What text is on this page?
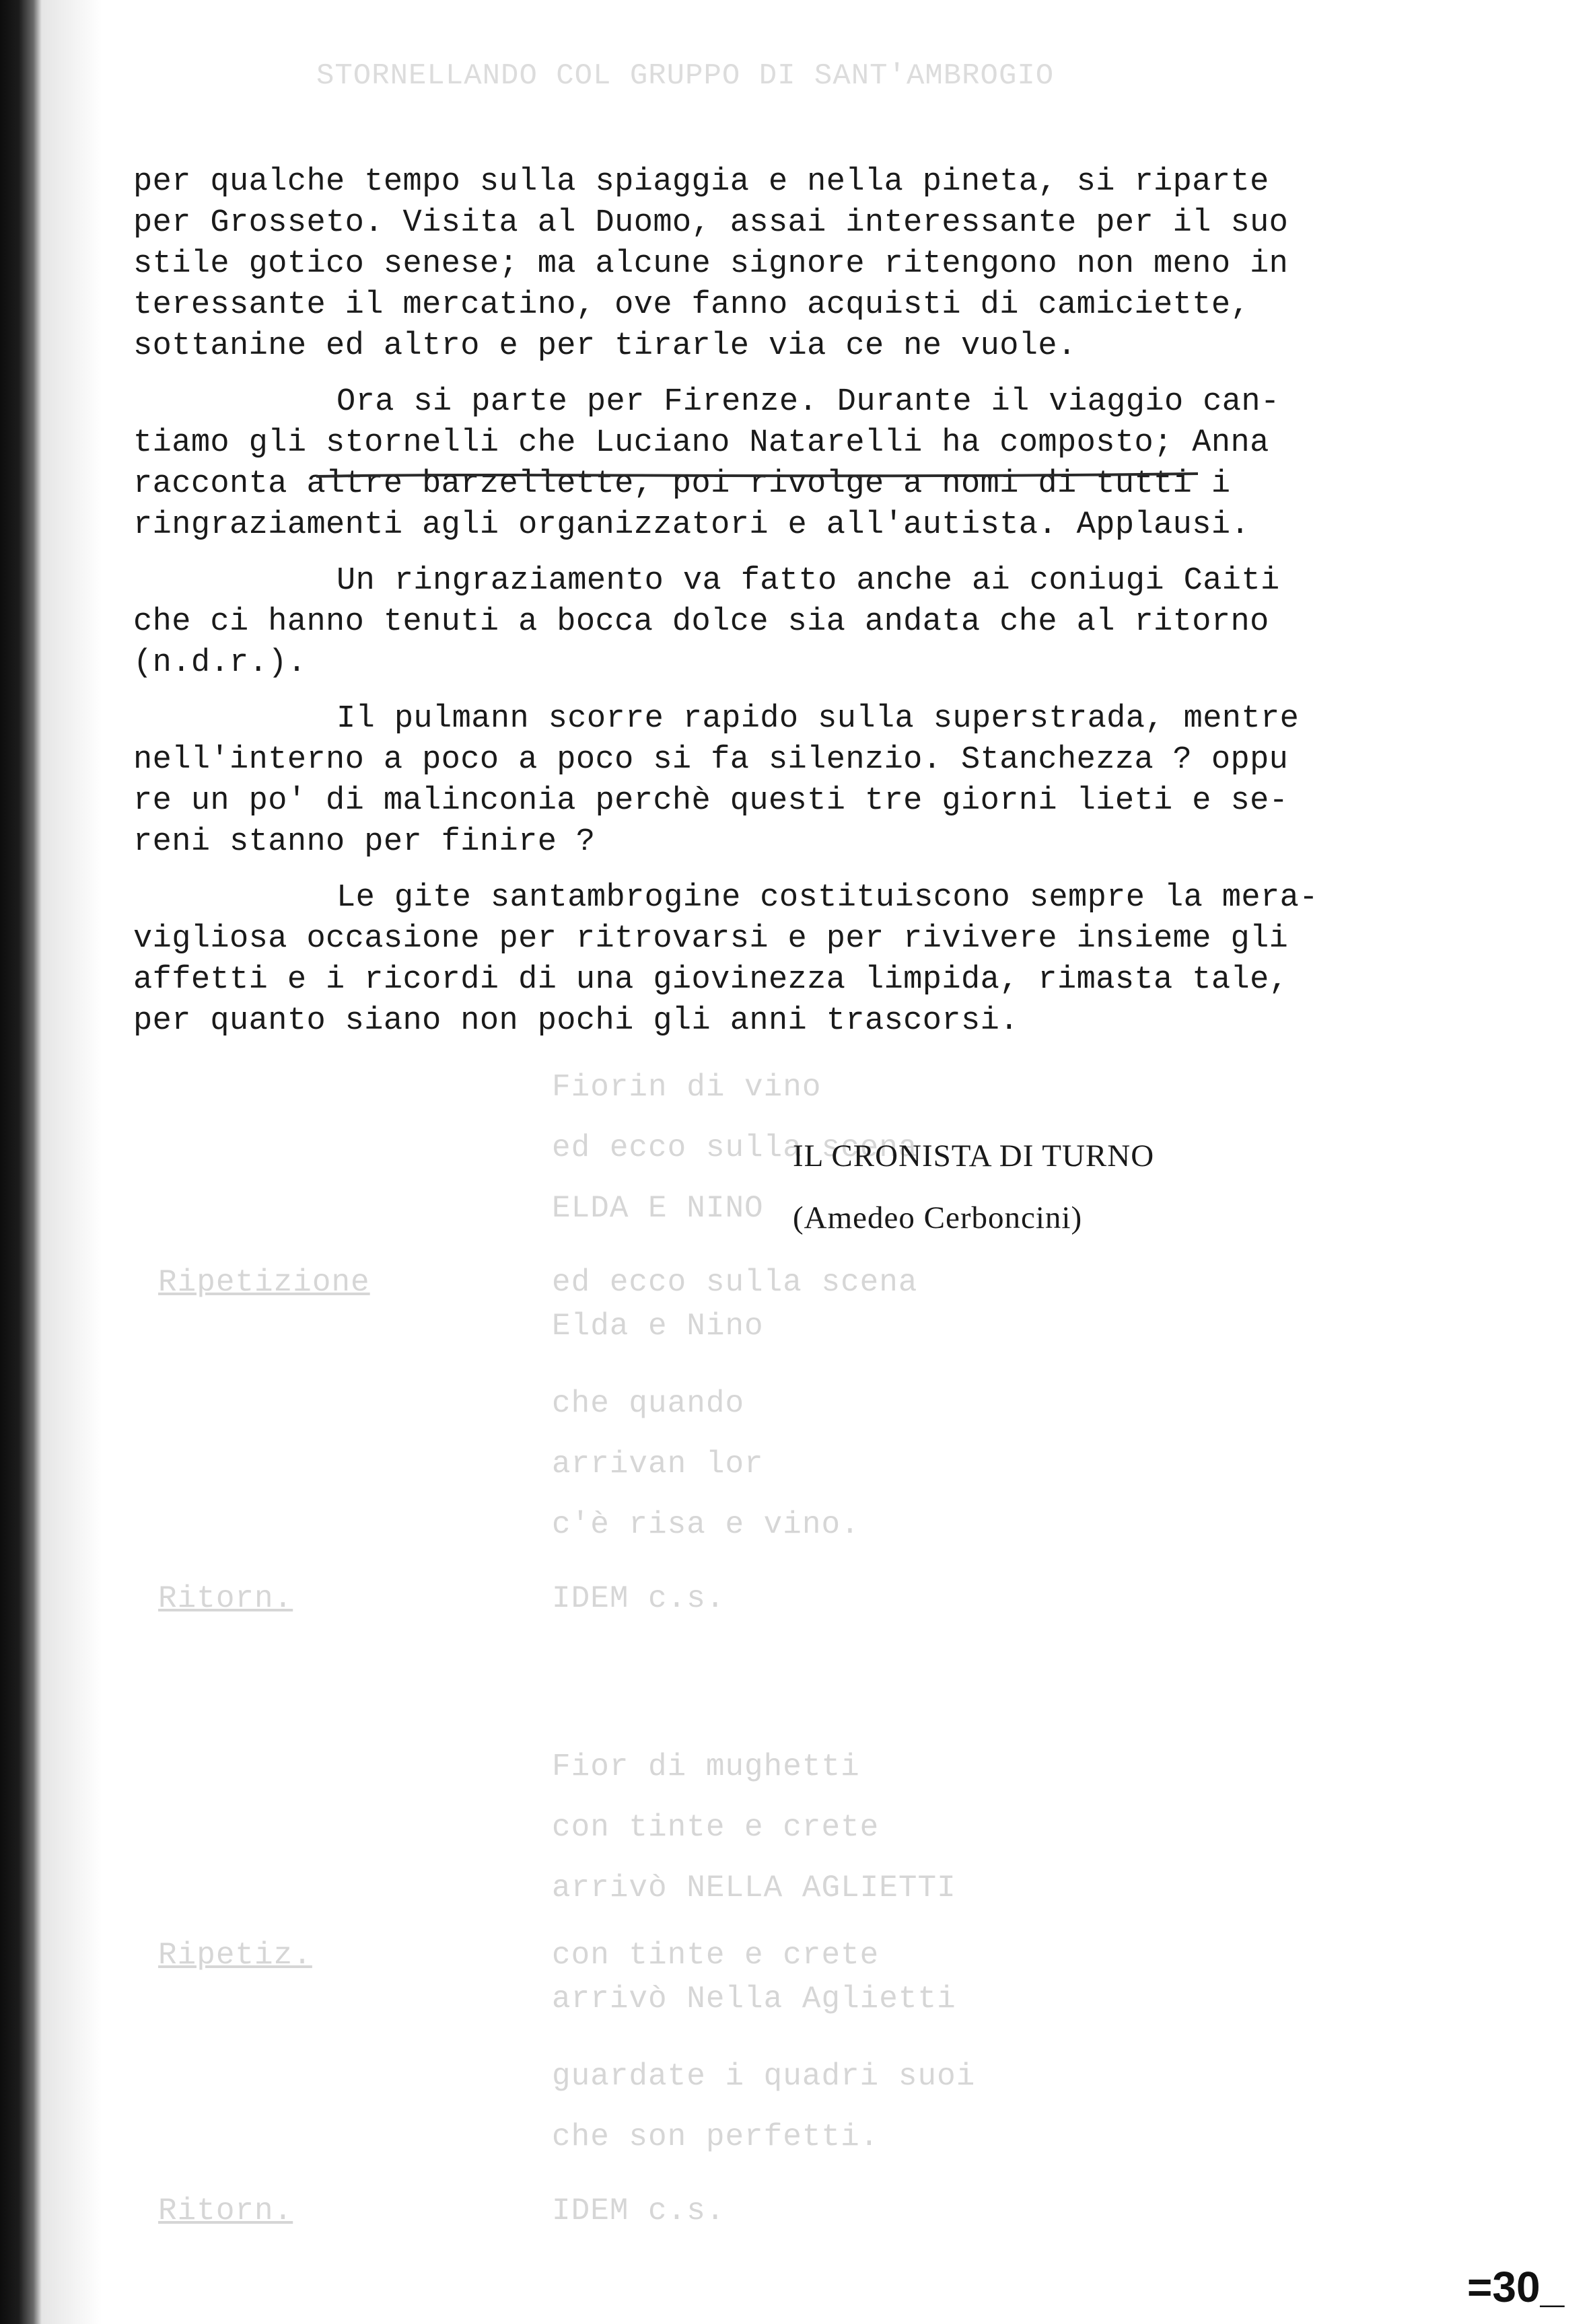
STORNELLANDO COL GRUPPO DI SANT'AMBROGIO
Fiorin di vino
ed ecco sulla scena
ELDA E NINO
Ripetizione	ed ecco sulla scena
Elda e Nino
che quando
arrivan lor
c'è risa e vino.
Ritorn.	IDEM c.s.
Fior di mughetti
con tinte e crete
arrivò NELLA AGLIETTI
Ripetiz.	con tinte e crete
arrivò Nella Aglietti
guardate i quadri suoi
che son perfetti.
Ritorn.	IDEM c.s.
per qualche tempo sulla spiaggia e nella pineta, si riparte
per Grosseto. Visita al Duomo, assai interessante per il suo
stile gotico senese; ma alcune signore ritengono non meno in
teressante il mercatino, ove fanno acquisti di camiciette,
sottanine ed altro e per tirarle via ce ne vuole.
Ora si parte per Firenze. Durante il viaggio can-
tiamo gli stornelli che Luciano Natarelli ha composto; Anna
racconta altre barzellette, poi rivolge a nomi di tutti i
ringraziamenti agli organizzatori e all'autista. Applausi.
Un ringraziamento va fatto anche ai coniugi Caiti
che ci hanno tenuti a bocca dolce sia andata che al ritorno
(n.d.r.).
Il pulmann scorre rapido sulla superstrada, mentre
nell'interno a poco a poco si fa silenzio. Stanchezza ? oppu
re un po' di malinconia perchè questi tre giorni lieti e se-
reni stanno per finire ?
Le gite santambrogine costituiscono sempre la mera-
vigliosa occasione per ritrovarsi e per rivivere insieme gli
affetti e i ricordi di una giovinezza limpida, rimasta tale,
per quanto siano non pochi gli anni trascorsi.
IL CRONISTA DI TURNO
(Amedeo Cerboncini)
=30_
